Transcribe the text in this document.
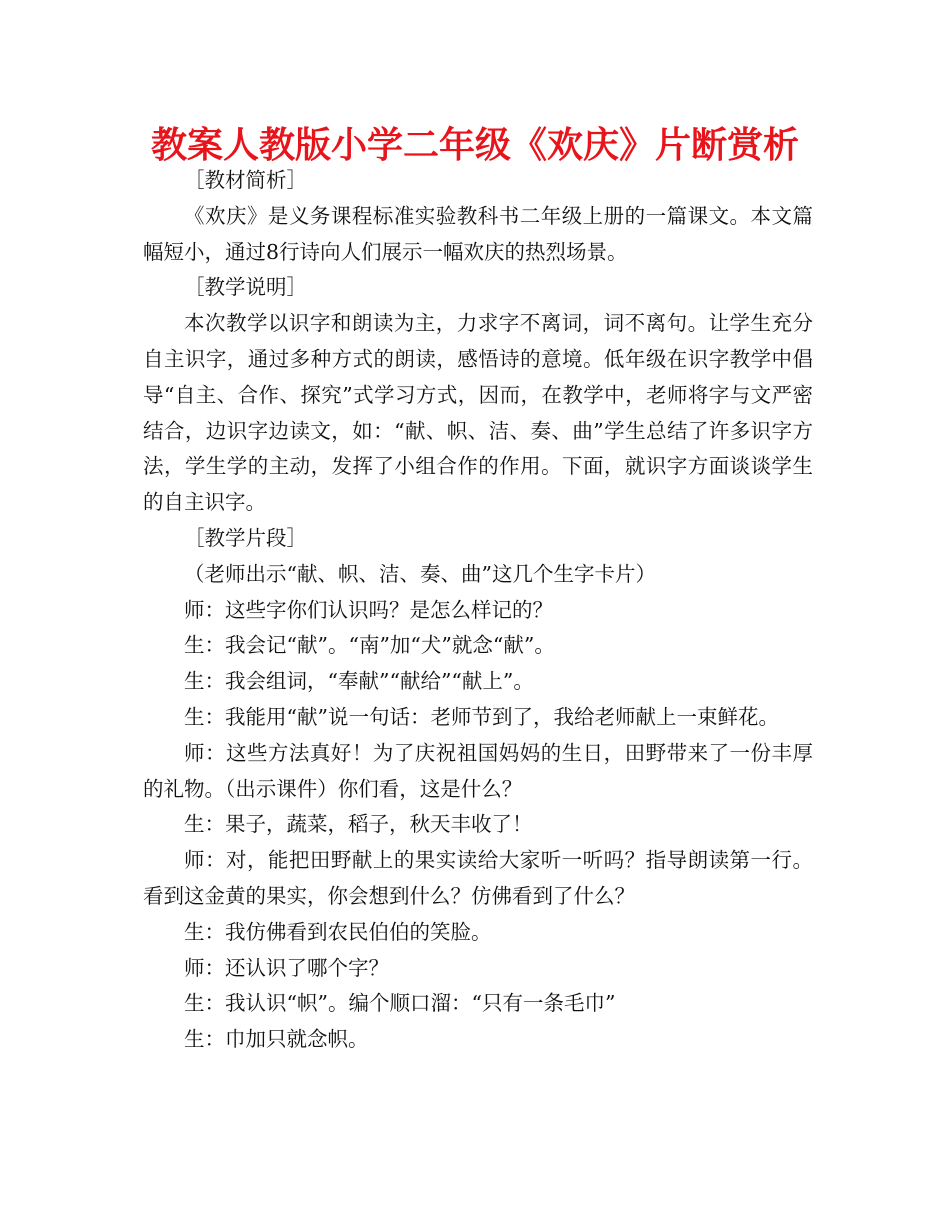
教案人教版小学二年级《欢庆》片断赏析

［教材简析］

《欢庆》是义务课程标准实验教科书二年级上册的一篇课文。本文篇幅短小，通过8行诗向人们展示一幅欢庆的热烈场景。

［教学说明］

本次教学以识字和朗读为主，力求字不离词，词不离句。让学生充分自主识字，通过多种方式的朗读，感悟诗的意境。低年级在识字教学中倡导“自主、合作、探究”式学习方式，因而，在教学中，老师将字与文严密结合，边识字边读文，如：“献、帜、洁、奏、曲”学生总结了许多识字方法，学生学的主动，发挥了小组合作的作用。下面，就识字方面谈谈学生的自主识字。

［教学片段］

（老师出示“献、帜、洁、奏、曲”这几个生字卡片）

师：这些字你们认识吗？是怎么样记的？

生：我会记“献”。“南”加“犬”就念“献”。

生：我会组词，“奉献”“献给”“献上”。

生：我能用“献”说一句话：老师节到了，我给老师献上一束鲜花。

师：这些方法真好！为了庆祝祖国妈妈的生日，田野带来了一份丰厚的礼物。（出示课件）你们看，这是什么？

生：果子，蔬菜，稻子，秋天丰收了！

师：对，能把田野献上的果实读给大家听一听吗？指导朗读第一行。看到这金黄的果实，你会想到什么？仿佛看到了什么？

生：我仿佛看到农民伯伯的笑脸。

师：还认识了哪个字？

生：我认识“帜”。编个顺口溜：“只有一条毛巾”

生：巾加只就念帜。
